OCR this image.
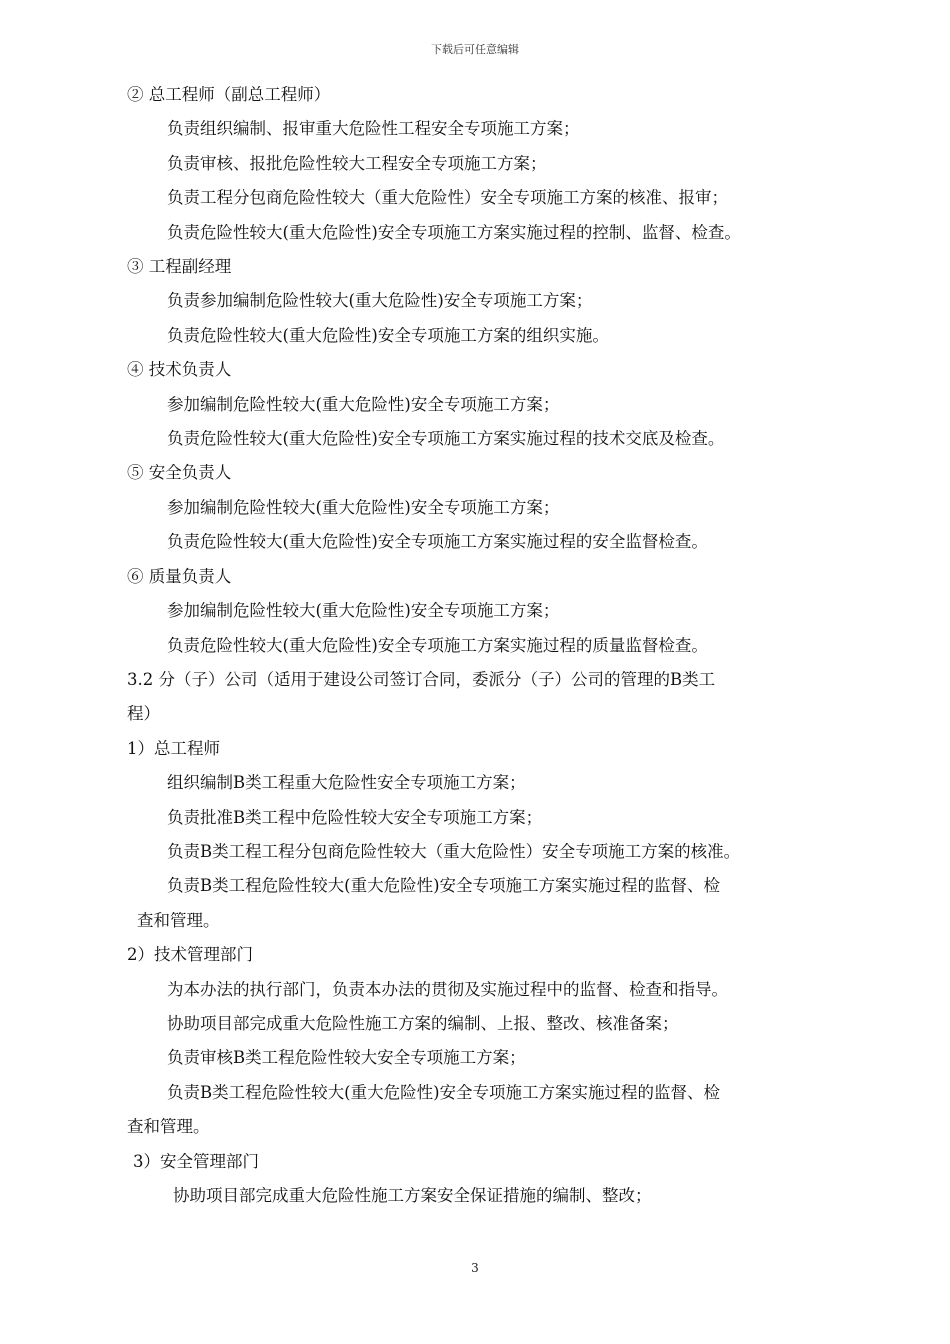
下载后可任意编辑
② 总工程师（副总工程师）
负责组织编制、报审重大危险性工程安全专项施工方案；
负责审核、报批危险性较大工程安全专项施工方案；
负责工程分包商危险性较大（重大危险性）安全专项施工方案的核准、报审；
负责危险性较大(重大危险性)安全专项施工方案实施过程的控制、监督、检查。
③ 工程副经理
负责参加编制危险性较大(重大危险性)安全专项施工方案；
负责危险性较大(重大危险性)安全专项施工方案的组织实施。
④ 技术负责人
参加编制危险性较大(重大危险性)安全专项施工方案；
负责危险性较大(重大危险性)安全专项施工方案实施过程的技术交底及检查。
⑤ 安全负责人
参加编制危险性较大(重大危险性)安全专项施工方案；
负责危险性较大(重大危险性)安全专项施工方案实施过程的安全监督检查。
⑥ 质量负责人
参加编制危险性较大(重大危险性)安全专项施工方案；
负责危险性较大(重大危险性)安全专项施工方案实施过程的质量监督检查。
3.2 分（子）公司（适用于建设公司签订合同，委派分（子）公司的管理的B类工
程）
1）总工程师
组织编制B类工程重大危险性安全专项施工方案；
负责批准B类工程中危险性较大安全专项施工方案；
负责B类工程工程分包商危险性较大（重大危险性）安全专项施工方案的核准。
负责B类工程危险性较大(重大危险性)安全专项施工方案实施过程的监督、检
查和管理。
2）技术管理部门
为本办法的执行部门，负责本办法的贯彻及实施过程中的监督、检查和指导。
协助项目部完成重大危险性施工方案的编制、上报、整改、核准备案；
负责审核B类工程危险性较大安全专项施工方案；
负责B类工程危险性较大(重大危险性)安全专项施工方案实施过程的监督、检
查和管理。
3）安全管理部门
协助项目部完成重大危险性施工方案安全保证措施的编制、整改；
3
